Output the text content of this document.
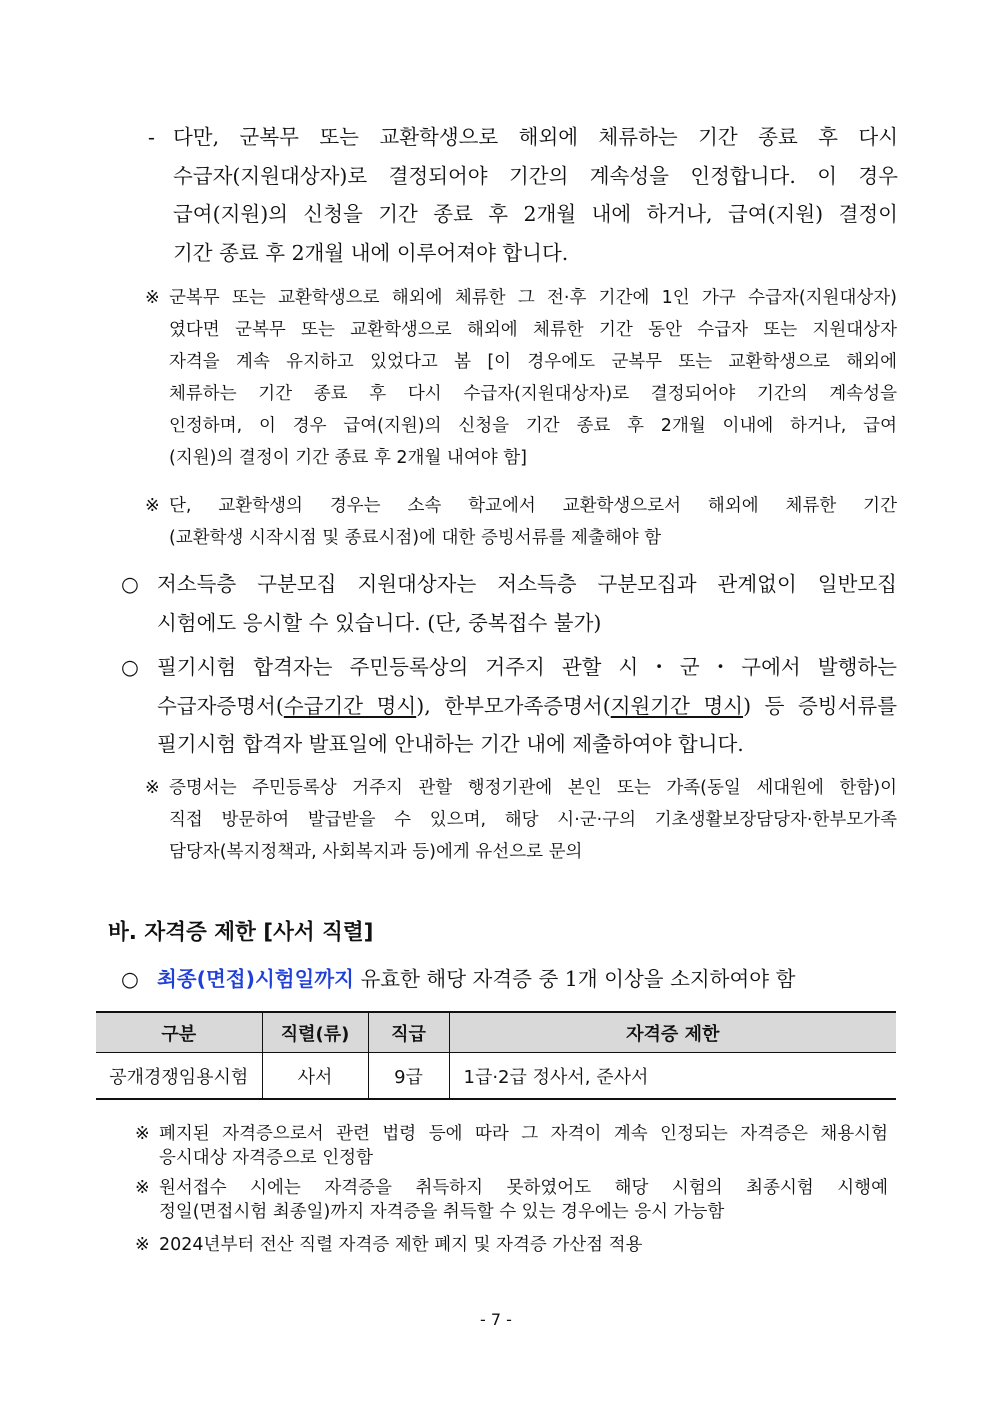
- 다만, 군복무 또는 교환학생으로 해외에 체류하는 기간 종료 후 다시
수급자(지원대상자)로 결정되어야 기간의 계속성을 인정합니다. 이 경우
급여(지원)의 신청을 기간 종료 후 2개월 내에 하거나, 급여(지원) 결정이
기간 종료 후 2개월 내에 이루어져야 합니다.
※ 군복무 또는 교환학생으로 해외에 체류한 그 전·후 기간에 1인 가구 수급자(지원대상자)
였다면 군복무 또는 교환학생으로 해외에 체류한 기간 동안 수급자 또는 지원대상자
자격을 계속 유지하고 있었다고 봄 [이 경우에도 군복무 또는 교환학생으로 해외에
체류하는 기간 종료 후 다시 수급자(지원대상자)로 결정되어야 기간의 계속성을
인정하며, 이 경우 급여(지원)의 신청을 기간 종료 후 2개월 이내에 하거나, 급여
(지원)의 결정이 기간 종료 후 2개월 내여야 함]
※ 단, 교환학생의 경우는 소속 학교에서 교환학생으로서 해외에 체류한 기간
(교환학생 시작시점 및 종료시점)에 대한 증빙서류를 제출해야 함
○ 저소득층 구분모집 지원대상자는 저소득층 구분모집과 관계없이 일반모집
시험에도 응시할 수 있습니다. (단, 중복접수 불가)
○ 필기시험 합격자는 주민등록상의 거주지 관할 시・군・구에서 발행하는
수급자증명서(수급기간 명시), 한부모가족증명서(지원기간 명시) 등 증빙서류를
필기시험 합격자 발표일에 안내하는 기간 내에 제출하여야 합니다.
※ 증명서는 주민등록상 거주지 관할 행정기관에 본인 또는 가족(동일 세대원에 한함)이
직접 방문하여 발급받을 수 있으며, 해당 시·군·구의 기초생활보장담당자·한부모가족
담당자(복지정책과, 사회복지과 등)에게 유선으로 문의
바. 자격증 제한 [사서 직렬]
○ 최종(면접)시험일까지 유효한 해당 자격증 중 1개 이상을 소지하여야 함
구분	직렬(류)	직급	자격증 제한
공개경쟁임용시험	사서	9급	1급·2급 정사서, 준사서
※ 폐지된 자격증으로서 관련 법령 등에 따라 그 자격이 계속 인정되는 자격증은 채용시험
응시대상 자격증으로 인정함
※ 원서접수 시에는 자격증을 취득하지 못하였어도 해당 시험의 최종시험 시행예
정일(면접시험 최종일)까지 자격증을 취득할 수 있는 경우에는 응시 가능함
※ 2024년부터 전산 직렬 자격증 제한 폐지 및 자격증 가산점 적용
- 7 -
